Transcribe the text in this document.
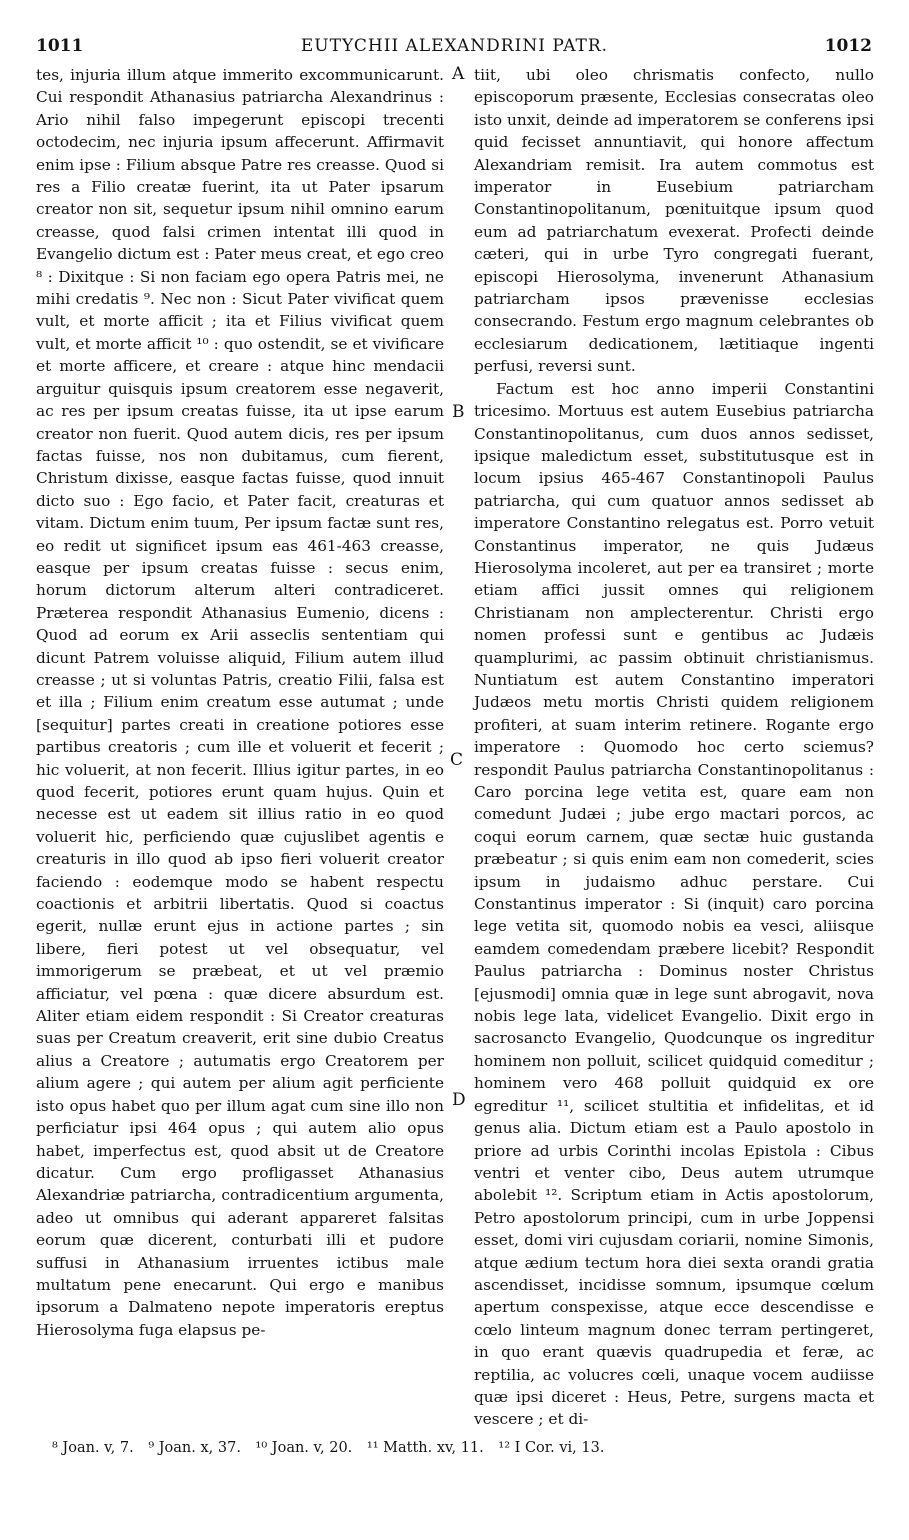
1011	EUTYCHII ALEXANDRINI PATR.	1012

tes, injuria illum atque immerito excommunicarunt. Cui respondit Athanasius patriarcha Alexandrinus : Ario nihil falso impegerunt episcopi trecenti octodecim, nec injuria ipsum affecerunt. Affirmavit enim ipse : Filium absque Patre res creasse. Quod si res a Filio creatæ fuerint, ita ut Pater ipsarum creator non sit, sequetur ipsum nihil omnino earum creasse, quod falsi crimen intentat illi quod in Evangelio dictum est : Pater meus creat, et ego creo ⁸ : Dixitque : Si non faciam ego opera Patris mei, ne mihi credatis ⁹. Nec non : Sicut Pater vivificat quem vult, et morte afficit ; ita et Filius vivificat quem vult, et morte afficit ¹⁰ : quo ostendit, se et vivificare et morte afficere, et creare : atque hinc mendacii arguitur quisquis ipsum creatorem esse negaverit, ac res per ipsum creatas fuisse, ita ut ipse earum creator non fuerit. Quod autem dicis, res per ipsum factas fuisse, nos non dubitamus, cum fierent, Christum dixisse, easque factas fuisse, quod innuit dicto suo : Ego facio, et Pater facit, creaturas et vitam. Dictum enim tuum, Per ipsum factæ sunt res, eo redit ut significet ipsum eas 461-463 creasse, easque per ipsum creatas fuisse : secus enim, horum dictorum alterum alteri contradiceret. Præterea respondit Athanasius Eumenio, dicens : Quod ad eorum ex Arii asseclis sententiam qui dicunt Patrem voluisse aliquid, Filium autem illud creasse ; ut si voluntas Patris, creatio Filii, falsa est et illa ; Filium enim creatum esse autumat ; unde [sequitur] partes creati in creatione potiores esse partibus creatoris ; cum ille et voluerit et fecerit ; hic voluerit, at non fecerit. Illius igitur partes, in eo quod fecerit, potiores erunt quam hujus. Quin et necesse est ut eadem sit illius ratio in eo quod voluerit hic, perficiendo quæ cujuslibet agentis e creaturis in illo quod ab ipso fieri voluerit creator faciendo : eodemque modo se habent respectu coactionis et arbitrii libertatis. Quod si coactus egerit, nullæ erunt ejus in actione partes ; sin libere, fieri potest ut vel obsequatur, vel immorigerum se præbeat, et ut vel præmio afficiatur, vel pœna : quæ dicere absurdum est. Aliter etiam eidem respondit : Si Creator creaturas suas per Creatum creaverit, erit sine dubio Creatus alius a Creatore ; autumatis ergo Creatorem per alium agere ; qui autem per alium agit perficiente isto opus habet quo per illum agat cum sine illo non perficiatur ipsi 464 opus ; qui autem alio opus habet, imperfectus est, quod absit ut de Creatore dicatur. Cum ergo profligasset Athanasius Alexandriæ patriarcha, contradicentium argumenta, adeo ut omnibus qui aderant appareret falsitas eorum quæ dicerent, conturbati illi et pudore suffusi in Athanasium irruentes ictibus male multatum pene enecarunt. Qui ergo e manibus ipsorum a Dalmateno nepote imperatoris ereptus Hierosolyma fuga elapsus pe-

A
B
C
D

tiit, ubi oleo chrismatis confecto, nullo episcoporum præsente, Ecclesias consecratas oleo isto unxit, deinde ad imperatorem se conferens ipsi quid fecisset annuntiavit, qui honore affectum Alexandriam remisit. Ira autem commotus est imperator in Eusebium patriarcham Constantinopolitanum, pœnituitque ipsum quod eum ad patriarchatum evexerat. Profecti deinde cæteri, qui in urbe Tyro congregati fuerant, episcopi Hierosolyma, invenerunt Athanasium patriarcham ipsos prævenisse ecclesias consecrando. Festum ergo magnum celebrantes ob ecclesiarum dedicationem, lætitiaque ingenti perfusi, reversi sunt.

Factum est hoc anno imperii Constantini tricesimo. Mortuus est autem Eusebius patriarcha Constantinopolitanus, cum duos annos sedisset, ipsique maledictum esset, substitutusque est in locum ipsius 465-467 Constantinopoli Paulus patriarcha, qui cum quatuor annos sedisset ab imperatore Constantino relegatus est. Porro vetuit Constantinus imperator, ne quis Judæus Hierosolyma incoleret, aut per ea transiret ; morte etiam affici jussit omnes qui religionem Christianam non amplecterentur. Christi ergo nomen professi sunt e gentibus ac Judæis quamplurimi, ac passim obtinuit christianismus. Nuntiatum est autem Constantino imperatori Judæos metu mortis Christi quidem religionem profiteri, at suam interim retinere. Rogante ergo imperatore : Quomodo hoc certo sciemus? respondit Paulus patriarcha Constantinopolitanus : Caro porcina lege vetita est, quare eam non comedunt Judæi ; jube ergo mactari porcos, ac coqui eorum carnem, quæ sectæ huic gustanda præbeatur ; si quis enim eam non comederit, scies ipsum in judaismo adhuc perstare. Cui Constantinus imperator : Si (inquit) caro porcina lege vetita sit, quomodo nobis ea vesci, aliisque eamdem comedendam præbere licebit? Respondit Paulus patriarcha : Dominus noster Christus [ejusmodi] omnia quæ in lege sunt abrogavit, nova nobis lege lata, videlicet Evangelio. Dixit ergo in sacrosancto Evangelio, Quodcunque os ingreditur hominem non polluit, scilicet quidquid comeditur ; hominem vero 468 polluit quidquid ex ore egreditur ¹¹, scilicet stultitia et infidelitas, et id genus alia. Dictum etiam est a Paulo apostolo in priore ad urbis Corinthi incolas Epistola : Cibus ventri et venter cibo, Deus autem utrumque abolebit ¹². Scriptum etiam in Actis apostolorum, Petro apostolorum principi, cum in urbe Joppensi esset, domi viri cujusdam coriarii, nomine Simonis, atque ædium tectum hora diei sexta orandi gratia ascendisset, incidisse somnum, ipsumque cœlum apertum conspexisse, atque ecce descendisse e cœlo linteum magnum donec terram pertingeret, in quo erant quævis quadrupedia et feræ, ac reptilia, ac volucres cœli, unaque vocem audiisse quæ ipsi diceret : Heus, Petre, surgens macta et vescere ; et di-

⁸ Joan. v, 7. ⁹ Joan. x, 37. ¹⁰ Joan. v, 20. ¹¹ Matth. xv, 11. ¹² I Cor. vi, 13.
